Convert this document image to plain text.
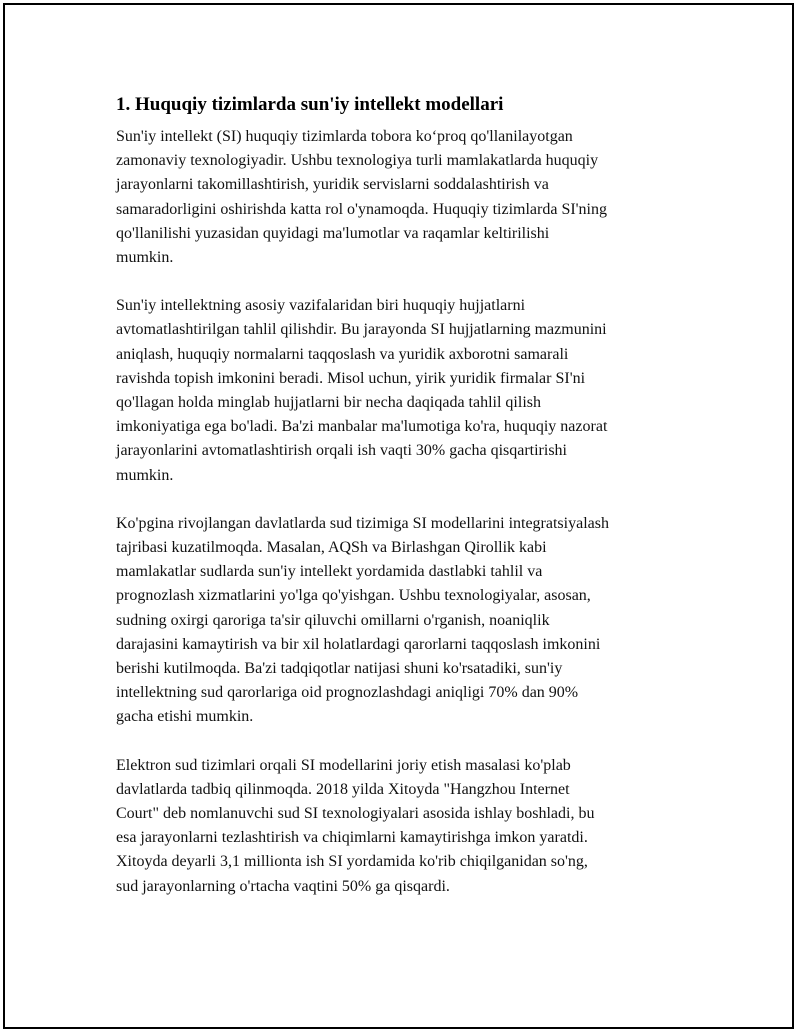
1. Huquqiy tizimlarda sun'iy intellekt modellari

Sun'iy intellekt (SI) huquqiy tizimlarda tobora ko‘proq qo'llanilayotgan
zamonaviy texnologiyadir. Ushbu texnologiya turli mamlakatlarda huquqiy
jarayonlarni takomillashtirish, yuridik servislarni soddalashtirish va
samaradorligini oshirishda katta rol o'ynamoqda. Huquqiy tizimlarda SI'ning
qo'llanilishi yuzasidan quyidagi ma'lumotlar va raqamlar keltirilishi
mumkin.

Sun'iy intellektning asosiy vazifalaridan biri huquqiy hujjatlarni
avtomatlashtirilgan tahlil qilishdir. Bu jarayonda SI hujjatlarning mazmunini
aniqlash, huquqiy normalarni taqqoslash va yuridik axborotni samarali
ravishda topish imkonini beradi. Misol uchun, yirik yuridik firmalar SI'ni
qo'llagan holda minglab hujjatlarni bir necha daqiqada tahlil qilish
imkoniyatiga ega bo'ladi. Ba'zi manbalar ma'lumotiga ko'ra, huquqiy nazorat
jarayonlarini avtomatlashtirish orqali ish vaqti 30% gacha qisqartirishi
mumkin.

Ko'pgina rivojlangan davlatlarda sud tizimiga SI modellarini integratsiyalash
tajribasi kuzatilmoqda. Masalan, AQSh va Birlashgan Qirollik kabi
mamlakatlar sudlarda sun'iy intellekt yordamida dastlabki tahlil va
prognozlash xizmatlarini yo'lga qo'yishgan. Ushbu texnologiyalar, asosan,
sudning oxirgi qaroriga ta'sir qiluvchi omillarni o'rganish, noaniqlik
darajasini kamaytirish va bir xil holatlardagi qarorlarni taqqoslash imkonini
berishi kutilmoqda. Ba'zi tadqiqotlar natijasi shuni ko'rsatadiki, sun'iy
intellektning sud qarorlariga oid prognozlashdagi aniqligi 70% dan 90%
gacha etishi mumkin.

Elektron sud tizimlari orqali SI modellarini joriy etish masalasi ko'plab
davlatlarda tadbiq qilinmoqda. 2018 yilda Xitoyda "Hangzhou Internet
Court" deb nomlanuvchi sud SI texnologiyalari asosida ishlay boshladi, bu
esa jarayonlarni tezlashtirish va chiqimlarni kamaytirishga imkon yaratdi.
Xitoyda deyarli 3,1 millionta ish SI yordamida ko'rib chiqilganidan so'ng,
sud jarayonlarning o'rtacha vaqtini 50% ga qisqardi.
